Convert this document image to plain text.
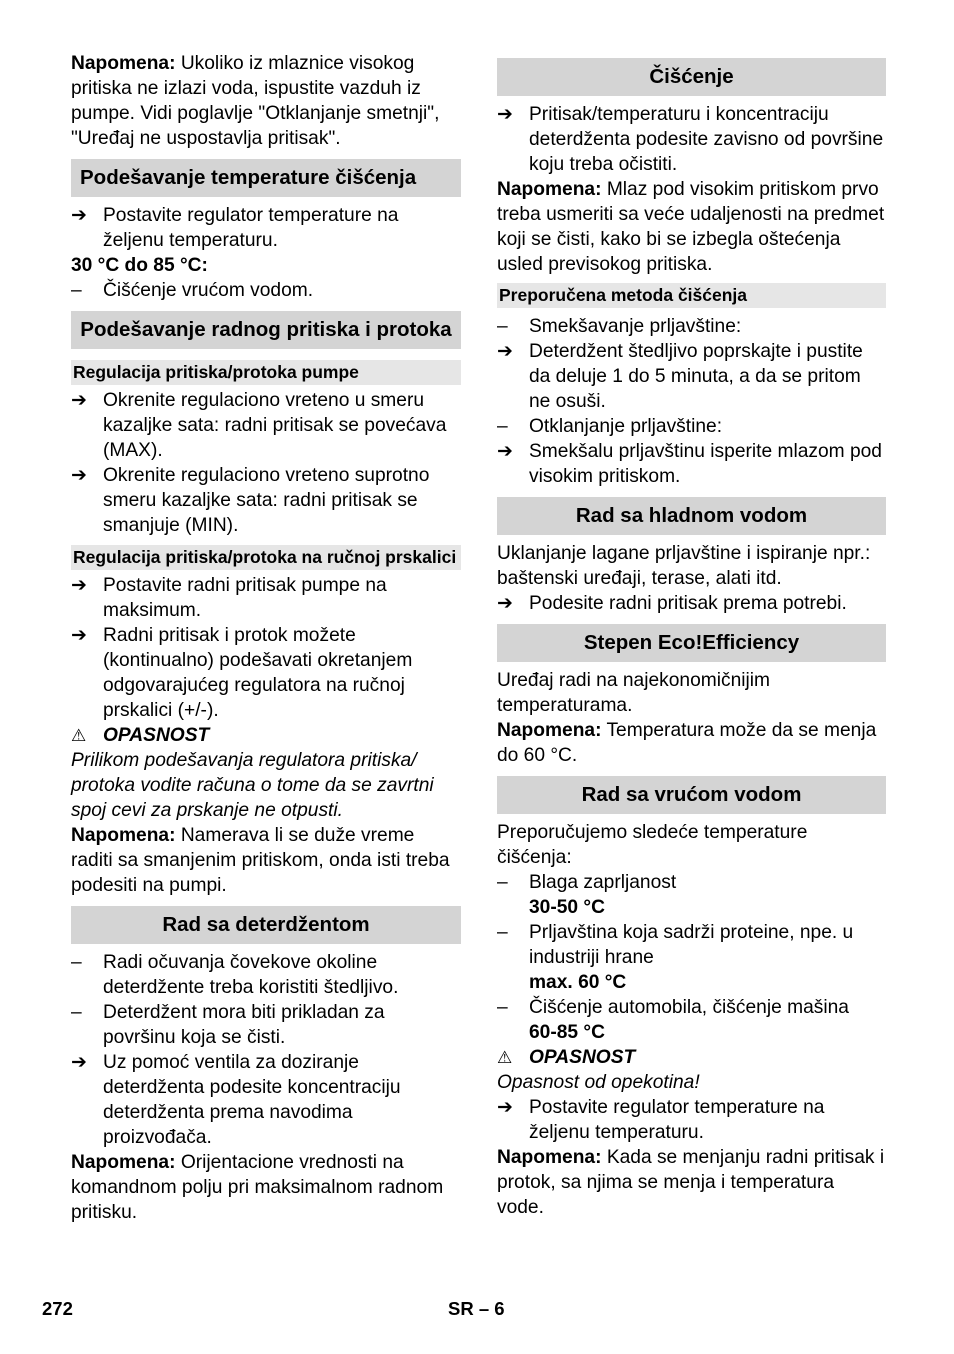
Napomena: Ukoliko iz mlaznice visokog pritiska ne izlazi voda, ispustite vazduh iz pumpe. Vidi poglavlje "Otklanjanje smetnji", "Uređaj ne uspostavlja pritisak".

Podešavanje temperature čišćenja
➔ Postavite regulator temperature na željenu temperaturu.

30 °C do 85 °C:

–	Čišćenje vrućom vodom.
Podešavanje radnog pritiska i protoka
Regulacija pritiska/protoka pumpe
➔ Okrenite regulaciono vreteno u smeru kazaljke sata: radni pritisak se povećava (MAX).
➔ Okrenite regulaciono vreteno suprotno smeru kazaljke sata: radni pritisak se smanjuje (MIN).
Regulacija pritiska/protoka na ručnoj prskalici
➔ Postavite radni pritisak pumpe na maksimum.
➔ Radni pritisak i protok možete (kontinualno) podešavati okretanjem odgovarajućeg regulatora na ručnoj prskalici (+/-).
⚠ OPASNOST

Prilikom podešavanja regulatora pritiska/ protoka vodite računa o tome da se zavrtni spoj cevi za prskanje ne otpusti.

Napomena: Namerava li se duže vreme raditi sa smanjenim pritiskom, onda isti treba podesiti na pumpi.

Rad sa deterdžentom
–	Radi očuvanja čovekove okoline deterdžente treba koristiti štedljivo.
–	Deterdžent mora biti prikladan za površinu koja se čisti.
➔ Uz pomoć ventila za doziranje deterdženta podesite koncentraciju deterdženta prema navodima proizvođača.

Napomena: Orijentacione vrednosti na komandnom polju pri maksimalnom radnom pritisku.

Čišćenje
➔ Pritisak/temperaturu i koncentraciju deterdženta podesite zavisno od površine koju treba očistiti.

Napomena: Mlaz pod visokim pritiskom prvo treba usmeriti sa veće udaljenosti na predmet koji se čisti, kako bi se izbegla oštećenja usled previsokog pritiska.

Preporučena metoda čišćenja
–	Smekšavanje prljavštine:
➔ Deterdžent štedljivo poprskajte i pustite da deluje 1 do 5 minuta, a da se pritom ne osuši.
–	Otklanjanje prljavštine:
➔ Smekšalu prljavštinu isperite mlazom pod visokim pritiskom.
Rad sa hladnom vodom

Uklanjanje lagane prljavštine i ispiranje npr.: baštenski uređaji, terase, alati itd.

➔ Podesite radni pritisak prema potrebi.
Stepen Eco!Efficiency

Uređaj radi na najekonomičnijim temperaturama.

Napomena: Temperatura može da se menja do 60 °C.

Rad sa vrućom vodom

Preporučujemo sledeće temperature čišćenja:

–	Blaga zaprljanost

30-50 °C

–	Prljavština koja sadrži proteine, npe. u industriji hrane

max. 60 °C

–	Čišćenje automobila, čišćenje mašina

60-85 °C

⚠ OPASNOST

Opasnost od opekotina!

➔ Postavite regulator temperature na željenu temperaturu.

Napomena: Kada se menjanju radni pritisak i protok, sa njima se menja i temperatura vode.

272	SR – 6
